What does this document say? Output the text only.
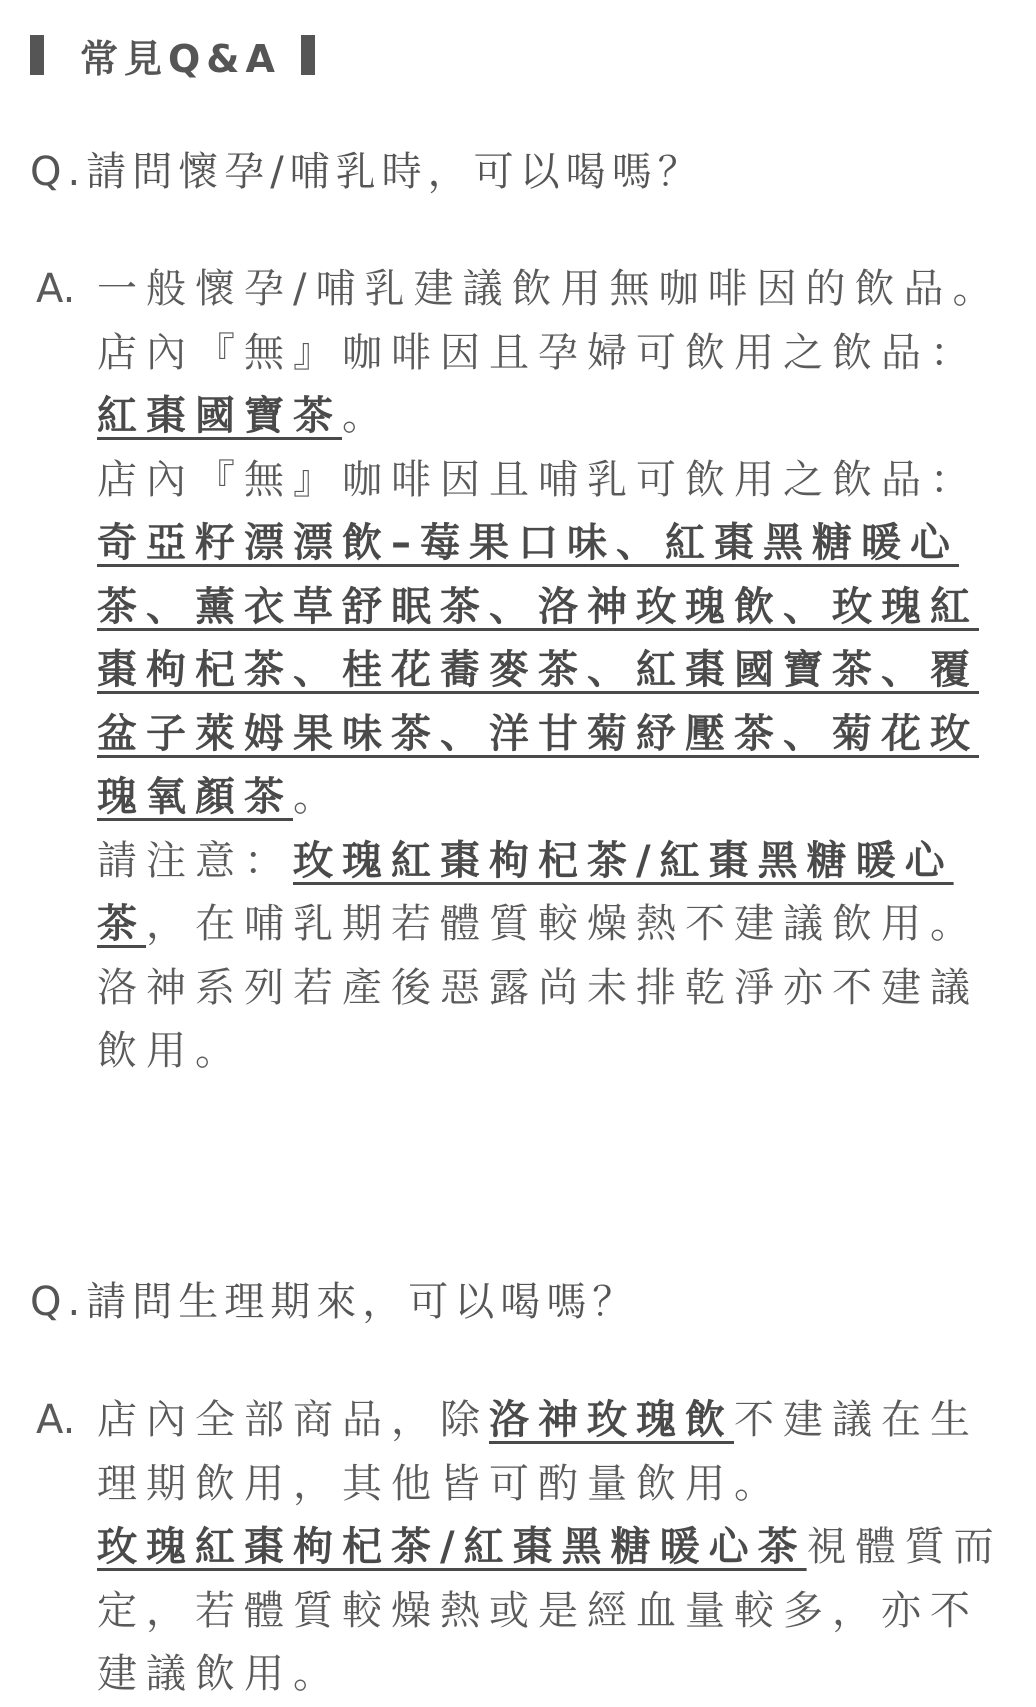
常見Q&A
Q.請問懷孕/哺乳時，可以喝嗎？
A. 一般懷孕/哺乳建議飲用無咖啡因的飲品。

店內『無』咖啡因且孕婦可飲用之飲品：紅棗國寶茶。

店內『無』咖啡因且哺乳可飲用之飲品：奇亞籽漂漂飲–莓果口味、紅棗黑糖暖心茶、薰衣草舒眠茶、洛神玫瑰飲、玫瑰紅棗枸杞茶、桂花蕎麥茶、紅棗國寶茶、覆盆子萊姆果味茶、洋甘菊紓壓茶、菊花玫瑰氧顏茶。

請注意：玫瑰紅棗枸杞茶/紅棗黑糖暖心茶，在哺乳期若體質較燥熱不建議飲用。洛神系列若產後惡露尚未排乾淨亦不建議飲用。

Q.請問生理期來，可以喝嗎？
A. 店內全部商品，除洛神玫瑰飲不建議在生理期飲用，其他皆可酌量飲用。

玫瑰紅棗枸杞茶/紅棗黑糖暖心茶視體質而定，若體質較燥熱或是經血量較多，亦不建議飲用。
